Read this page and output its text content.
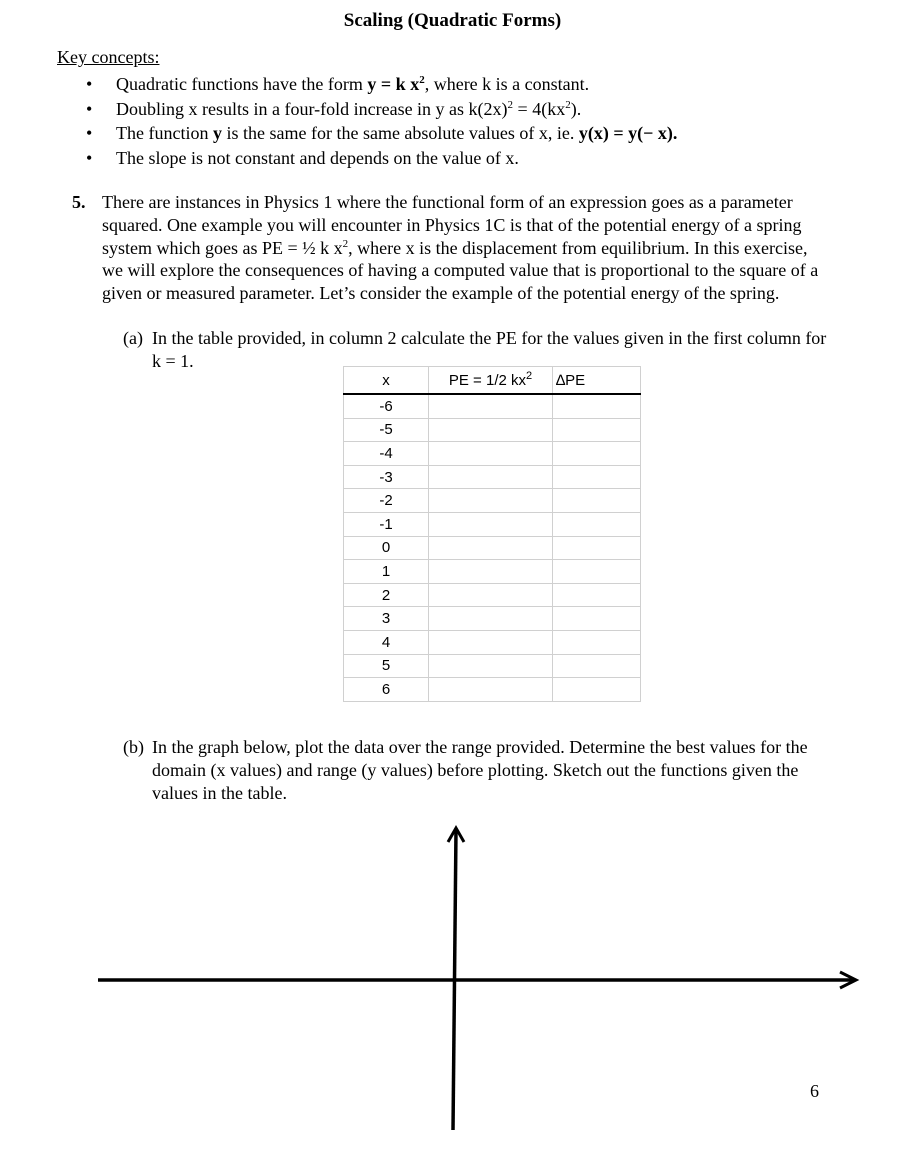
Scaling (Quadratic Forms)
Key concepts:
• Quadratic functions have the form y = k $x^2$, where k is a constant.
• Doubling x results in a four-fold increase in y as $k(2x)^2 = 4(kx^2)$.
• The function y is the same for the same absolute values of x, ie. y(x) = y(− x).
• The slope is not constant and depends on the value of x.
5. There are instances in Physics 1 where the functional form of an expression goes as a parameter squared. One example you will encounter in Physics 1C is that of the potential energy of a spring system which goes as PE = ½ k $x^2$, where x is the displacement from equilibrium. In this exercise, we will explore the consequences of having a computed value that is proportional to the square of a given or measured parameter. Let’s consider the example of the potential energy of the spring.
(a) In the table provided, in column 2 calculate the PE for the values given in the first column for k = 1.
x	PE = 1/2 $kx^2$	∆PE
-6		
-5		
-4		
-3		
-2		
-1		
0		
1		
2		
3		
4		
5		
6		
(b) In the graph below, plot the data over the range provided. Determine the best values for the domain (x values) and range (y values) before plotting. Sketch out the functions given the values in the table.
6
